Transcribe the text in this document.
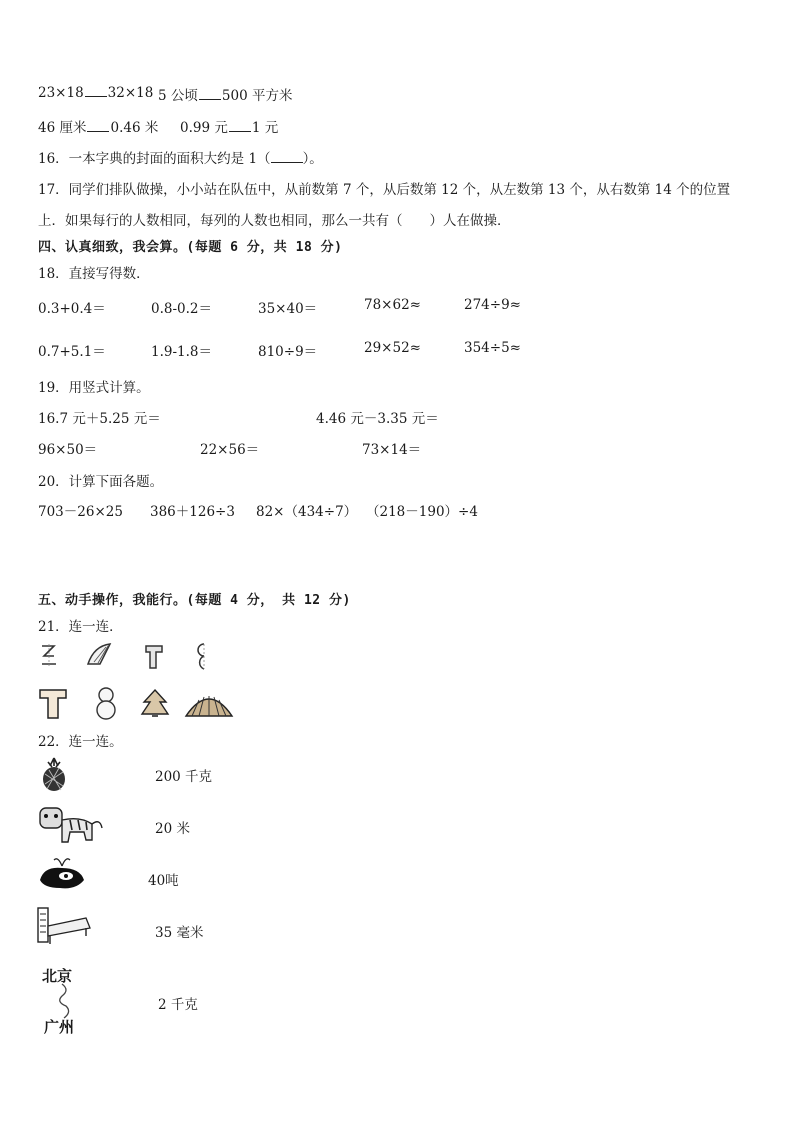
23×18 32×18 5 公顷 500 平方米
46 厘米 0.46 米 0.99 元 1 元
16．一本字典的封面的面积大约是 1（ ）。
17．同学们排队做操，小小站在队伍中，从前数第 7 个，从后数第 12 个，从左数第 13 个，从右数第 14 个的位置
上．如果每行的人数相同，每列的人数也相同，那么一共有（　　）人在做操．
四、认真细致，我会算。(每题 6 分，共 18 分)
18．直接写得数．
0.3+0.4＝	0.8-0.2＝	35×40＝	78×62≈	274÷9≈
0.7+5.1＝	1.9-1.8＝	810÷9＝	29×52≈	354÷5≈
19．用竖式计算。
16.7 元＋5.25 元＝	4.46 元－3.35 元＝
96×50＝	22×56＝	73×14＝
20．计算下面各题。
703－26×25 386＋126÷3 82×（434÷7） （218－190）÷4
五、动手操作，我能行。(每题 4 分， 共 12 分)
21．连一连．
22．连一连。
200 千克
20 米
40吨
35 毫米
北京
广州
2 千克
